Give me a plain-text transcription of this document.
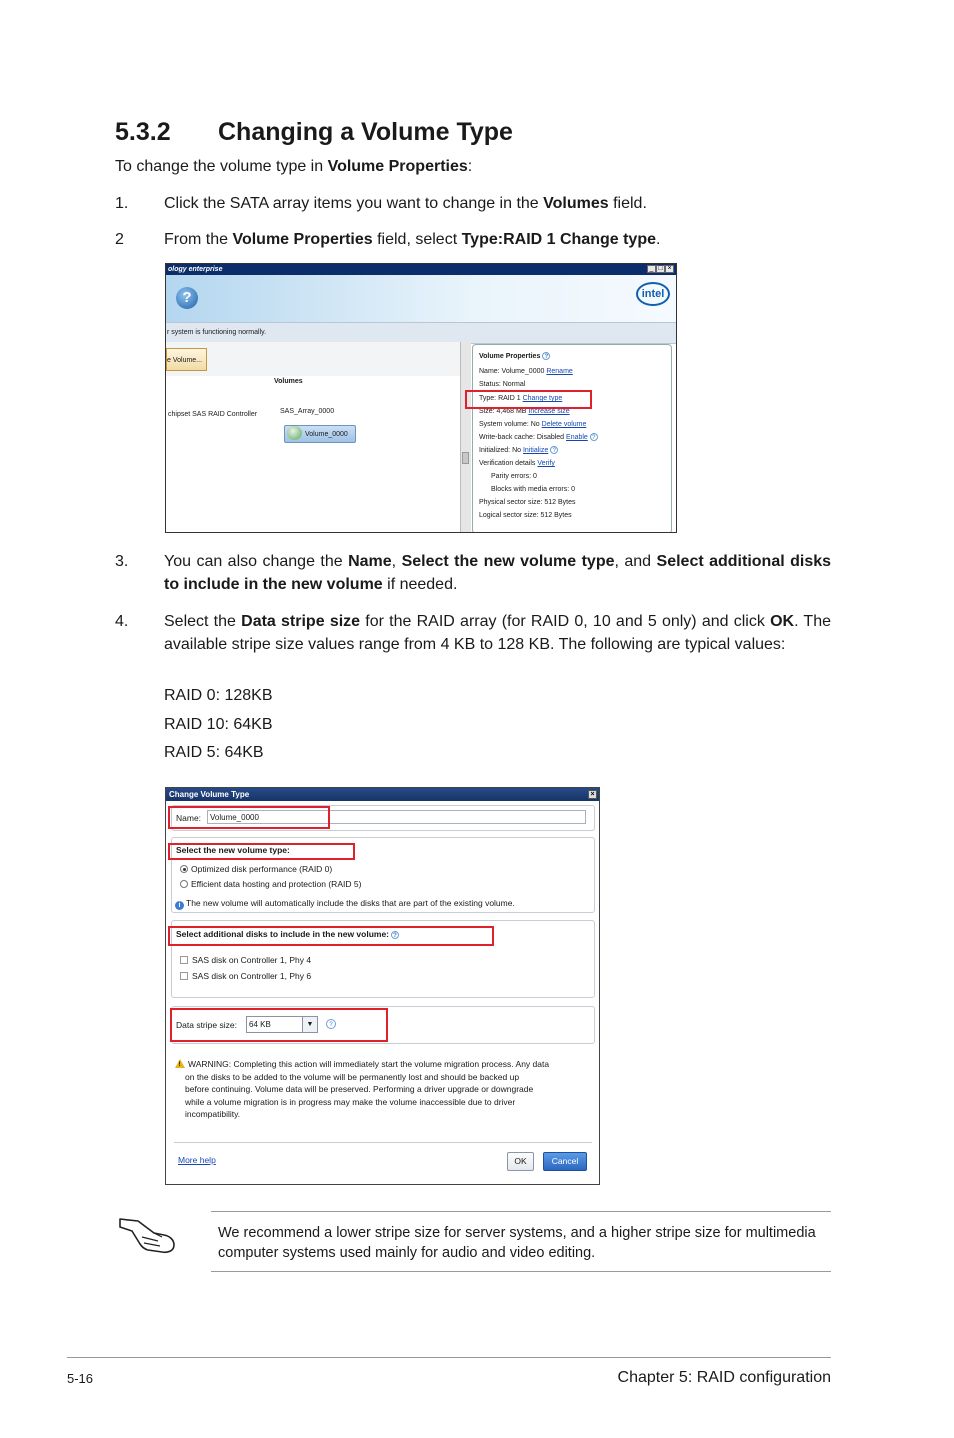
5.3.2 Changing a Volume Type
To change the volume type in Volume Properties:
1. Click the SATA array items you want to change in the Volumes field.
2	From the Volume Properties field, select Type:RAID 1 Change type.
ology enterprise	_ □ ×
?	intel
r system is functioning normally.
e Volume...
chipset SAS RAID Controller
Volumes
SAS_Array_0000
Volume_0000
Volume Properties ?
Name: Volume_0000 Rename
Status: Normal
Type: RAID 1 Change type
Size: 4,468 MB Increase size
System volume: No Delete volume
Write-back cache: Disabled Enable ?
Initialized: No Initialize ?
Verification details Verify
Parity errors: 0
Blocks with media errors: 0
Physical sector size: 512 Bytes
Logical sector size: 512 Bytes
3. You can also change the Name, Select the new volume type, and Select additional disks to include in the new volume if needed.
4. Select the Data stripe size for the RAID array (for RAID 0, 10 and 5 only) and click OK. The available stripe size values range from 4 KB to 128 KB. The following are typical values:
RAID 0: 128KB
RAID 10: 64KB
RAID 5: 64KB
Change Volume Type	×
Name: Volume_0000
Select the new volume type:
Optimized disk performance (RAID 0)
Efficient data hosting and protection (RAID 5)
i The new volume will automatically include the disks that are part of the existing volume.
Select additional disks to include in the new volume: ?
SAS disk on Controller 1, Phy 4
SAS disk on Controller 1, Phy 6
Data stripe size: 64 KB	▼	?
!WARNING: Completing this action will immediately start the volume migration process. Any data
on the disks to be added to the volume will be permanently lost and should be backed up
before continuing. Volume data will be preserved. Performing a driver upgrade or downgrade
while a volume migration is in progress may make the volume inaccessible due to driver
incompatibility.
More help	OK	Cancel
We recommend a lower stripe size for server systems, and a higher stripe size for multimedia computer systems used mainly for audio and video editing.
5-16	Chapter 5: RAID configuration
